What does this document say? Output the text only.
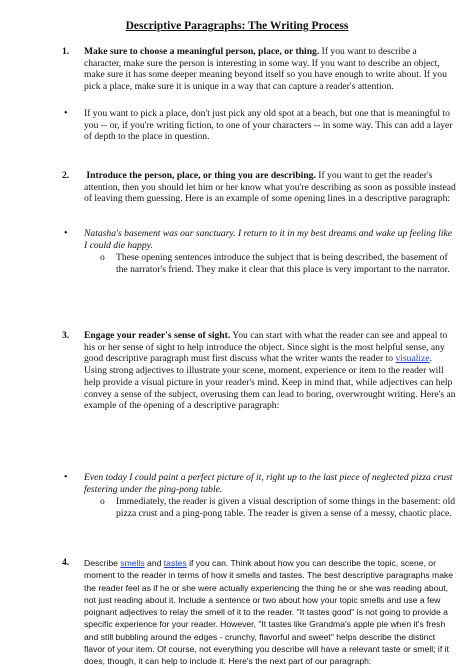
Descriptive Paragraphs: The Writing Process
1. Make sure to choose a meaningful person, place, or thing. If you want to describe a character, make sure the person is interesting in some way. If you want to describe an object, make sure it has some deeper meaning beyond itself so you have enough to write about. If you pick a place, make sure it is unique in a way that can capture a reader's attention.
• If you want to pick a place, don't just pick any old spot at a beach, but one that is meaningful to you -- or, if you're writing fiction, to one of your characters -- in some way. This can add a layer of depth to the place in question.
2. Introduce the person, place, or thing you are describing. If you want to get the reader's attention, then you should let him or her know what you're describing as soon as possible instead of leaving them guessing. Here is an example of some opening lines in a descriptive paragraph:
• Natasha's basement was our sanctuary. I return to it in my best dreams and wake up feeling like I could die happy.
o These opening sentences introduce the subject that is being described, the basement of the narrator's friend. They make it clear that this place is very important to the narrator.
3. Engage your reader's sense of sight. You can start with what the reader can see and appeal to his or her sense of sight to help introduce the object. Since sight is the most helpful sense, any good descriptive paragraph must first discuss what the writer wants the reader to visualize. Using strong adjectives to illustrate your scene, moment, experience or item to the reader will help provide a visual picture in your reader's mind. Keep in mind that, while adjectives can help convey a sense of the subject, overusing them can lead to boring, overwrought writing. Here's an example of the opening of a descriptive paragraph:
• Even today I could paint a perfect picture of it, right up to the last piece of neglected pizza crust festering under the ping-pong table.
o Immediately, the reader is given a visual description of some things in the basement: old pizza crust and a ping-pong table. The reader is given a sense of a messy, chaotic place.
4. Describe smells and tastes if you can. Think about how you can describe the topic, scene, or moment to the reader in terms of how it smells and tastes. The best descriptive paragraphs make the reader feel as if he or she were actually experiencing the thing he or she was reading about, not just reading about it. Include a sentence or two about how your topic smells and use a few poignant adjectives to relay the smell of it to the reader. "It tastes good" is not going to provide a specific experience for your reader. However, "It tastes like Grandma's apple pie when it's fresh and still bubbling around the edges - crunchy, flavorful and sweet" helps describe the distinct flavor of your item. Of course, not everything you describe will have a relevant taste or smell; if it does, though, it can help to include it. Here's the next part of our paragraph:
